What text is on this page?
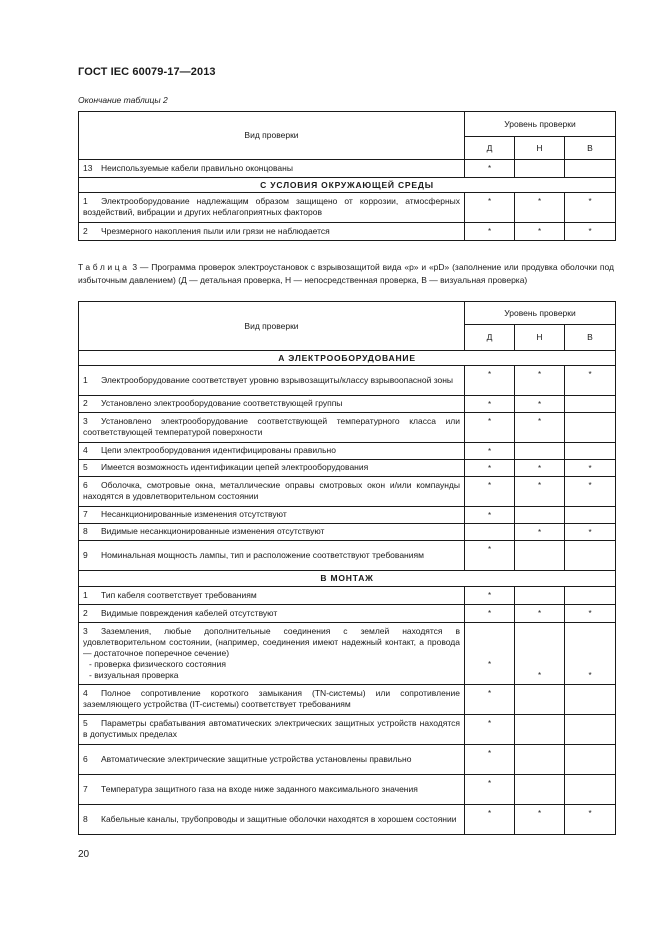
ГОСТ IEC 60079-17—2013
Окончание таблицы 2
Вид проверки	Уровень проверки		
	Д	Н	В
13 Неиспользуемые кабели правильно оконцованы	*		
С УСЛОВИЯ ОКРУЖАЮЩЕЙ СРЕДЫ			
1 Электрооборудование надлежащим образом защищено от коррозии, атмосферных воздействий, вибрации и других неблагоприятных факторов	*	*	*
2 Чрезмерного накопления пыли или грязи не наблюдается	*	*	*
Таблица 3 — Программа проверок электроустановок с взрывозащитой вида «р» и «pD» (заполнение или продувка оболочки под избыточным давлением) (Д — детальная проверка, Н — непосредственная проверка, В — визуальная проверка)
Вид проверки	Уровень проверки		
	Д	Н	В
А ЭЛЕКТРООБОРУДОВАНИЕ			
1 Электрооборудование соответствует уровню взрывозащиты/классу взрывоопасной зоны	*	*	*
2 Установлено электрооборудование соответствующей группы	*	*	
3 Установлено электрооборудование соответствующей температурного класса или соответствующей температурой поверхности	*	*	
4 Цепи электрооборудования идентифицированы правильно	*		
5 Имеется возможность идентификации цепей электрооборудования	*	*	*
6 Оболочка, смотровые окна, металлические оправы смотровых окон и/или компаунды находятся в удовлетворительном состоянии	*	*	*
7 Несанкционированные изменения отсутствуют	*		
8 Видимые несанкционированные изменения отсутствуют		*	*
9 Номинальная мощность лампы, тип и расположение соответствуют требованиям	*		
В МОНТАЖ			
1 Тип кабеля соответствует требованиям	*		
2 Видимые повреждения кабелей отсутствуют	*	*	*
3 Заземления, любые дополнительные соединения с землей находятся в удовлетворительном состоянии, (например, соединения имеют надежный контакт, а провода — достаточное поперечное сечение)
- проверка физического состояния
- визуальная проверка	*	*	*
4 Полное сопротивление короткого замыкания (TN-системы) или сопротивление заземляющего устройства (IT-системы) соответствует требованиям	*		
5 Параметры срабатывания автоматических электрических защитных устройств находятся в допустимых пределах	*		
6 Автоматические электрические защитные устройства установлены правильно	*		
7 Температура защитного газа на входе ниже заданного максимального значения	*		
8 Кабельные каналы, трубопроводы и защитные оболочки находятся в хорошем состоянии	*	*	*
20
